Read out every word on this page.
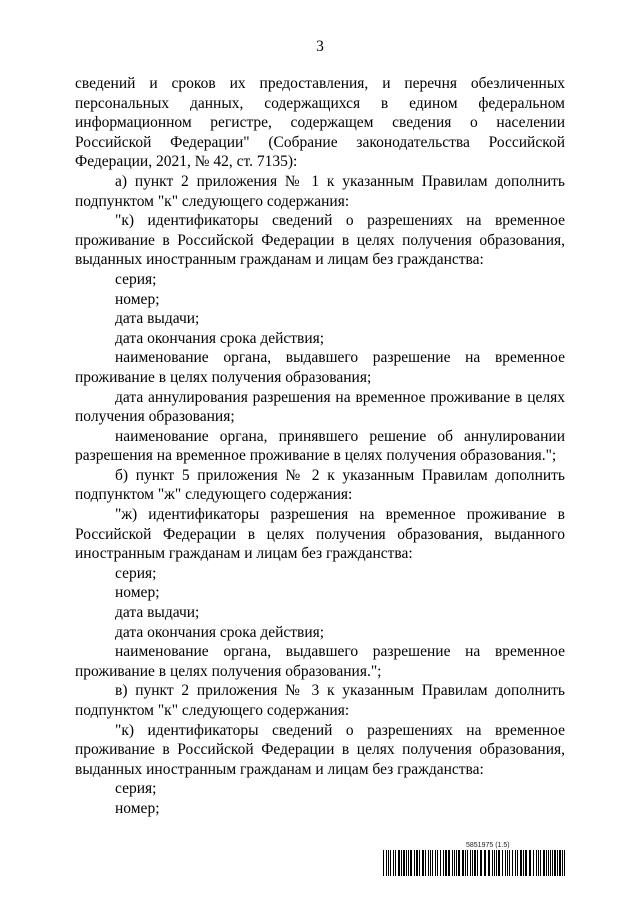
3

сведений и сроков их предоставления, и перечня обезличенных персональных данных, содержащихся в едином федеральном информационном регистре, содержащем сведения о населении Российской Федерации" (Собрание законодательства Российской Федерации, 2021, № 42, ст. 7135):

а) пункт 2 приложения № 1 к указанным Правилам дополнить подпунктом "к" следующего содержания:

"к) идентификаторы сведений о разрешениях на временное проживание в Российской Федерации в целях получения образования, выданных иностранным гражданам и лицам без гражданства:

серия;

номер;

дата выдачи;

дата окончания срока действия;

наименование органа, выдавшего разрешение на временное проживание в целях получения образования;

дата аннулирования разрешения на временное проживание в целях получения образования;

наименование органа, принявшего решение об аннулировании разрешения на временное проживание в целях получения образования.";

б) пункт 5 приложения № 2 к указанным Правилам дополнить подпунктом "ж" следующего содержания:

"ж) идентификаторы разрешения на временное проживание в Российской Федерации в целях получения образования, выданного иностранным гражданам и лицам без гражданства:

серия;

номер;

дата выдачи;

дата окончания срока действия;

наименование органа, выдавшего разрешение на временное проживание в целях получения образования.";

в) пункт 2 приложения № 3 к указанным Правилам дополнить подпунктом "к" следующего содержания:

"к) идентификаторы сведений о разрешениях на временное проживание в Российской Федерации в целях получения образования, выданных иностранным гражданам и лицам без гражданства:

серия;

номер;

5851975 (1.5)
